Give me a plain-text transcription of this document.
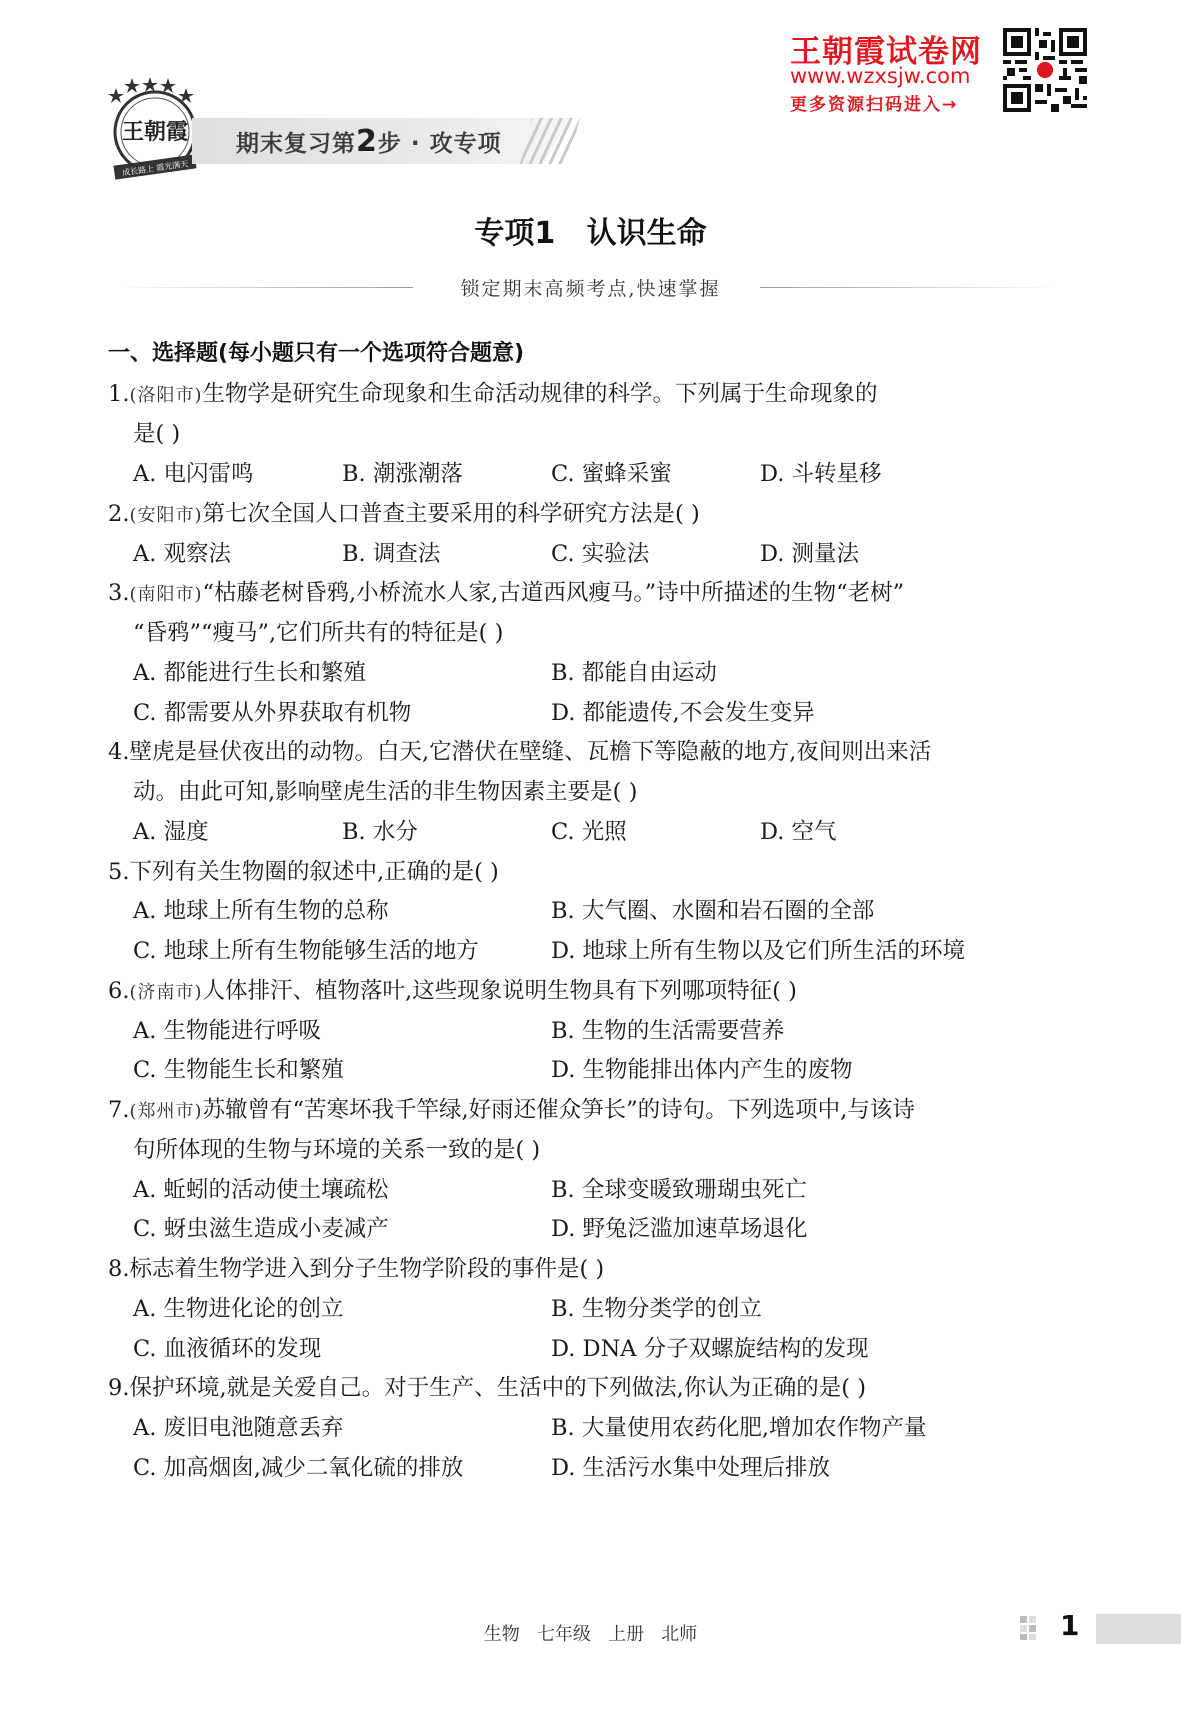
王朝霞
成长路上 霞光满天
期末复习第2步 · 攻专项
王朝霞试卷网
www.wzxsjw.com
更多资源扫码进入→
专项1   认识生命
锁定期末高频考点,快速掌握
一、选择题(每小题只有一个选项符合题意)
1.(洛阳市)生物学是研究生命现象和生命活动规律的科学。下列属于生命现象的
是( )
A. 电闪雷鸣	B. 潮涨潮落	C. 蜜蜂采蜜	D. 斗转星移
2.(安阳市)第七次全国人口普查主要采用的科学研究方法是( )
A. 观察法	B. 调查法	C. 实验法	D. 测量法
3.(南阳市)“枯藤老树昏鸦,小桥流水人家,古道西风瘦马。”诗中所描述的生物“老树”
“昏鸦”“瘦马”,它们所共有的特征是( )
A. 都能进行生长和繁殖	B. 都能自由运动
C. 都需要从外界获取有机物	D. 都能遗传,不会发生变异
4.壁虎是昼伏夜出的动物。白天,它潜伏在壁缝、瓦檐下等隐蔽的地方,夜间则出来活
动。由此可知,影响壁虎生活的非生物因素主要是( )
A. 湿度	B. 水分	C. 光照	D. 空气
5.下列有关生物圈的叙述中,正确的是( )
A. 地球上所有生物的总称	B. 大气圈、水圈和岩石圈的全部
C. 地球上所有生物能够生活的地方	D. 地球上所有生物以及它们所生活的环境
6.(济南市)人体排汗、植物落叶,这些现象说明生物具有下列哪项特征( )
A. 生物能进行呼吸	B. 生物的生活需要营养
C. 生物能生长和繁殖	D. 生物能排出体内产生的废物
7.(郑州市)苏辙曾有“苦寒坏我千竿绿,好雨还催众笋长”的诗句。下列选项中,与该诗
句所体现的生物与环境的关系一致的是( )
A. 蚯蚓的活动使土壤疏松	B. 全球变暖致珊瑚虫死亡
C. 蚜虫滋生造成小麦减产	D. 野兔泛滥加速草场退化
8.标志着生物学进入到分子生物学阶段的事件是( )
A. 生物进化论的创立	B. 生物分类学的创立
C. 血液循环的发现	D. DNA 分子双螺旋结构的发现
9.保护环境,就是关爱自己。对于生产、生活中的下列做法,你认为正确的是( )
A. 废旧电池随意丢弃	B. 大量使用农药化肥,增加农作物产量
C. 加高烟囱,减少二氧化硫的排放	D. 生活污水集中处理后排放
生物   七年级   上册   北师	1
